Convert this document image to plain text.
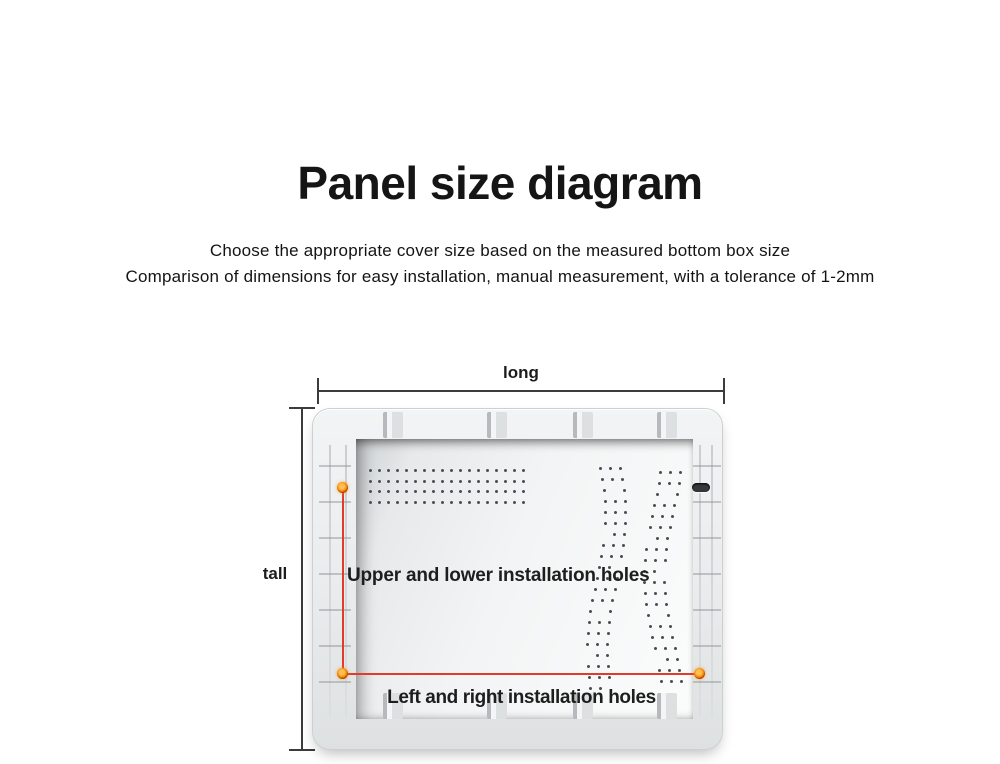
Panel size diagram
Choose the appropriate cover size based on the measured bottom box size
Comparison of dimensions for easy installation, manual measurement, with a tolerance of 1-2mm
long
tall	Upper and lower installation holes
Left and right installation holes
